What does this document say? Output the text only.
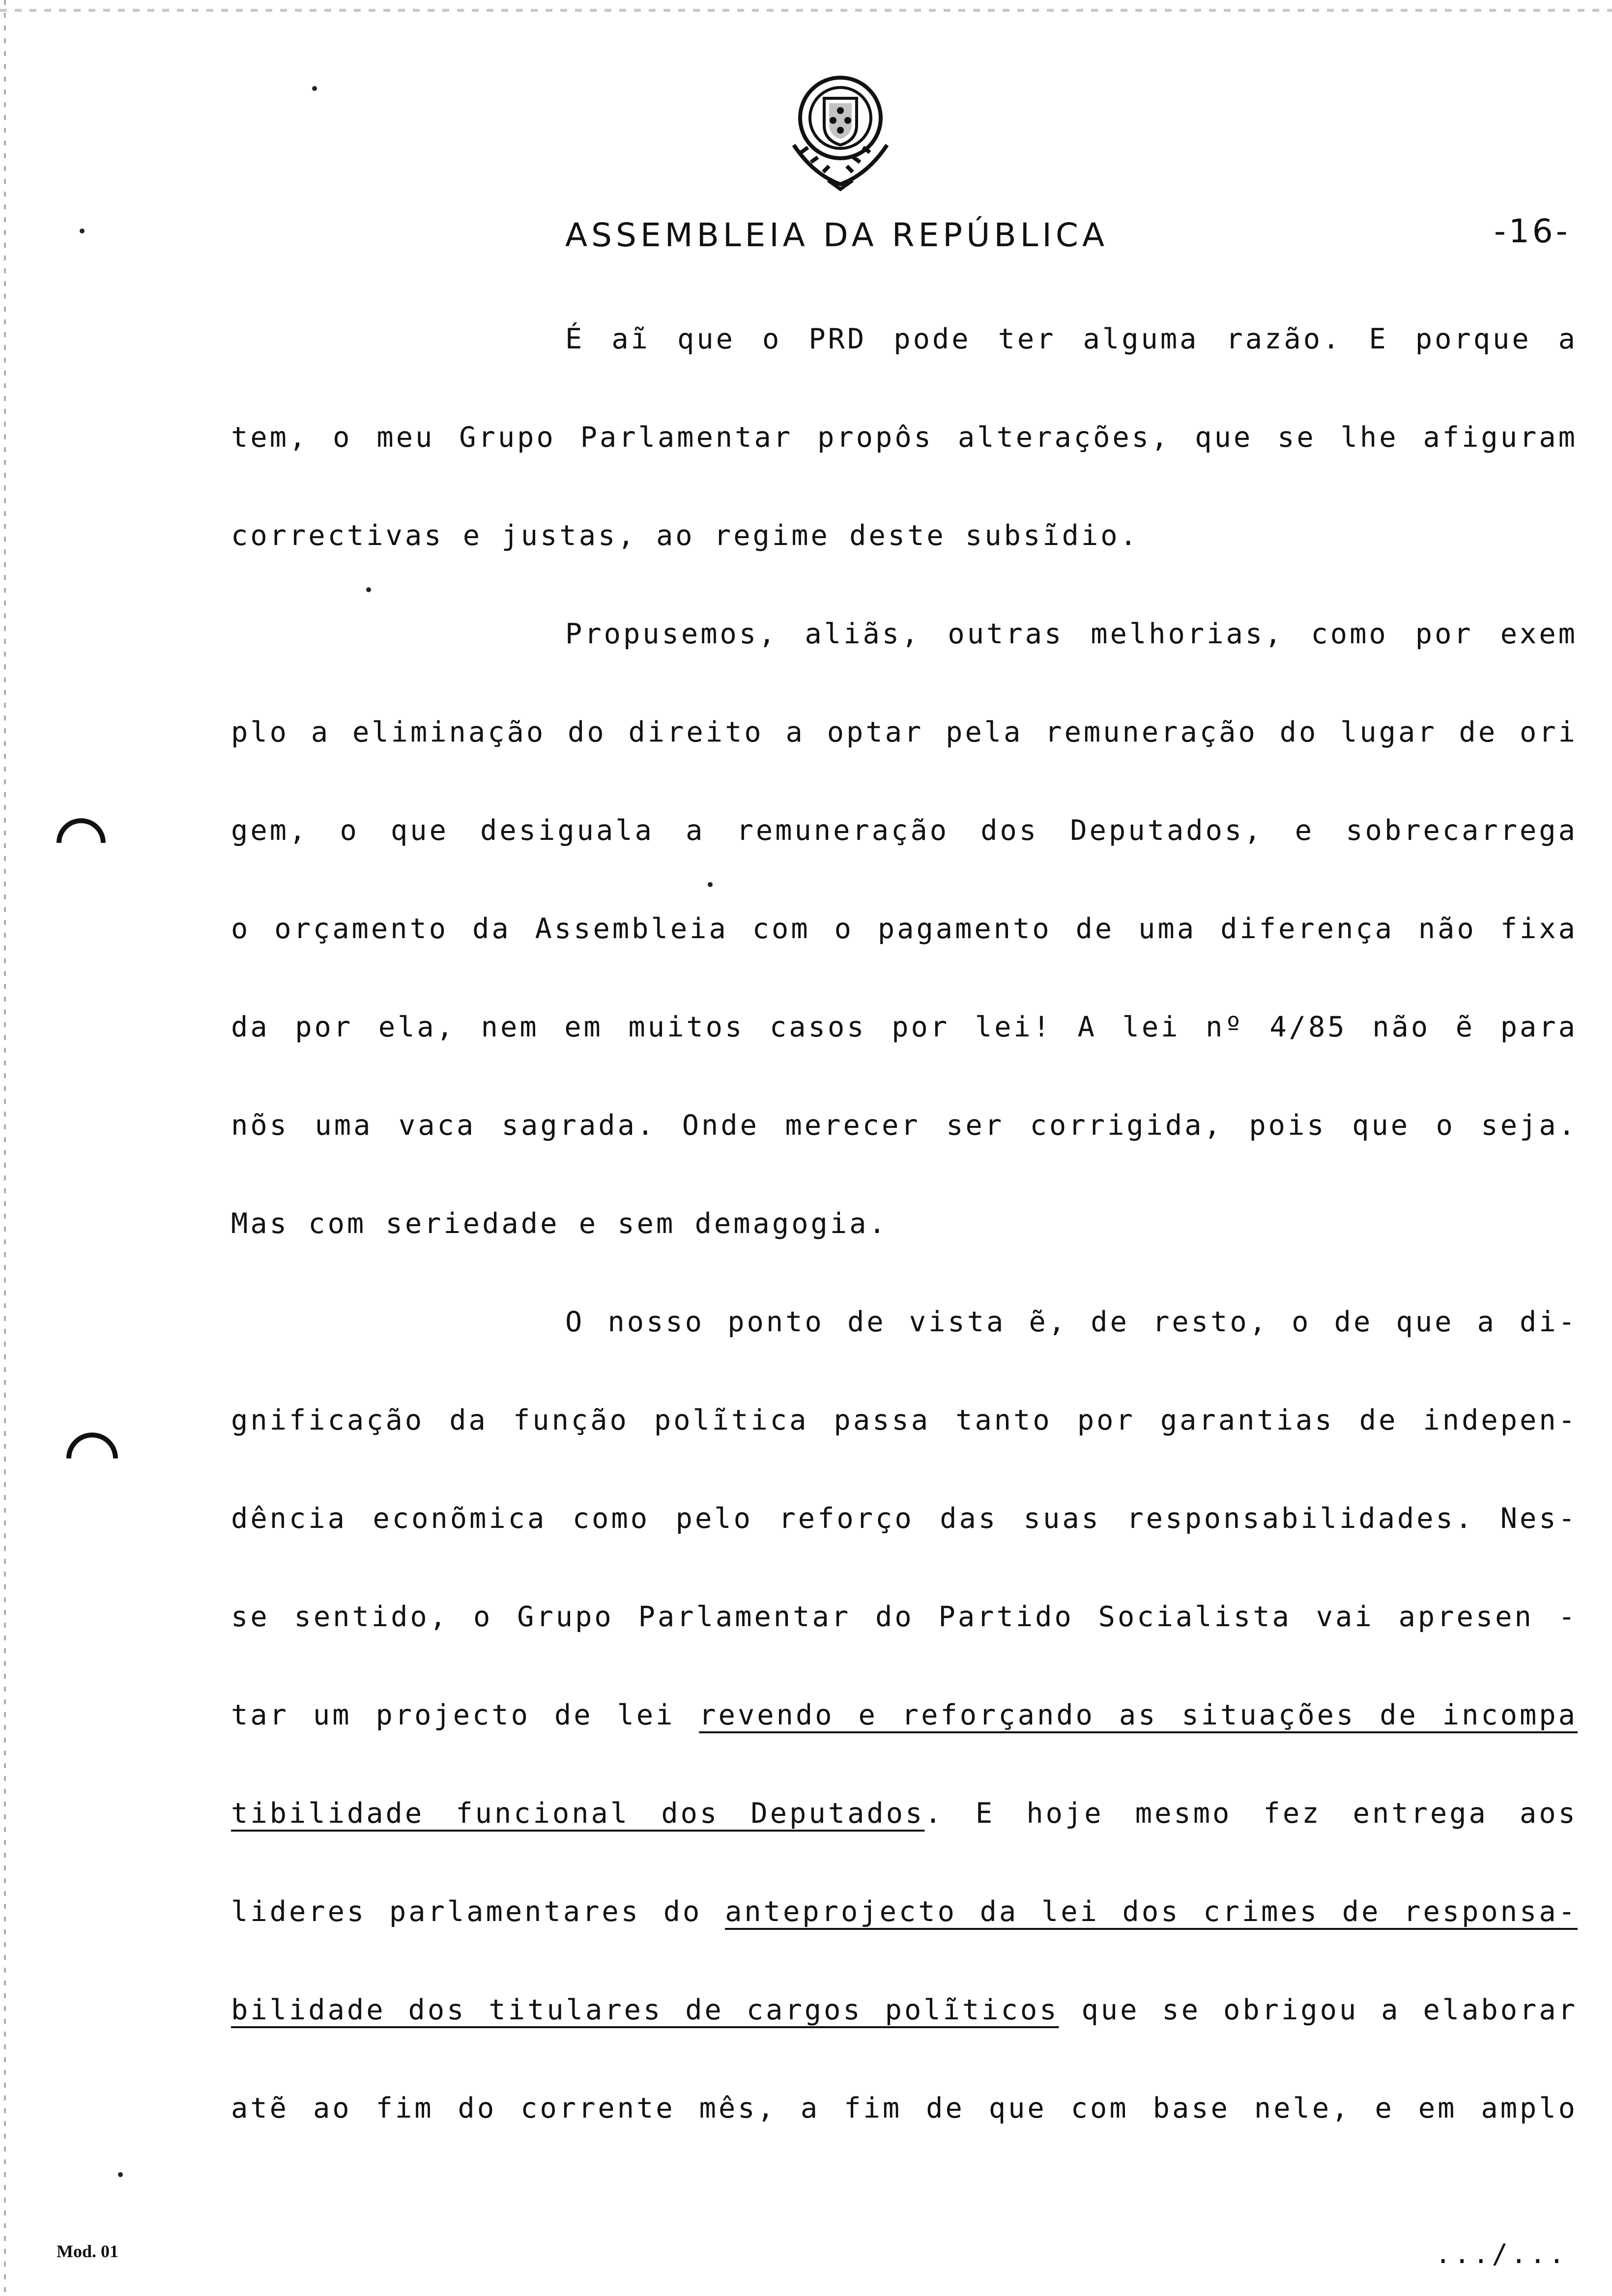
ASSEMBLEIA DA REPÚBLICA	-16-
É aĩ que o PRD pode ter alguma razão. E porque a
tem, o meu Grupo Parlamentar propôs alterações, que se lhe afiguram
correctivas e justas, ao regime deste subsĩdio.
Propusemos, aliãs, outras melhorias, como por exem
plo a eliminação do direito a optar pela remuneração do lugar de ori
gem, o que desiguala a remuneração dos Deputados, e sobrecarrega
o orçamento da Assembleia com o pagamento de uma diferença não fixa
da por ela, nem em muitos casos por lei! A lei nº 4/85 não ẽ para
nõs uma vaca sagrada. Onde merecer ser corrigida, pois que o seja.
Mas com seriedade e sem demagogia.
O nosso ponto de vista ẽ, de resto, o de que a di-
gnificação da função polĩtica passa tanto por garantias de indepen-
dência econõmica como pelo reforço das suas responsabilidades. Nes-
se sentido, o Grupo Parlamentar do Partido Socialista vai apresen -
tar um projecto de lei revendo e reforçando as situações de incompa
tibilidade funcional dos Deputados. E hoje mesmo fez entrega aos
lideres parlamentares do anteprojecto da lei dos crimes de responsa-
bilidade dos titulares de cargos polĩticos que se obrigou a elaborar
atẽ ao fim do corrente mês, a fim de que com base nele, e em amplo
Mod. 01	.../...
